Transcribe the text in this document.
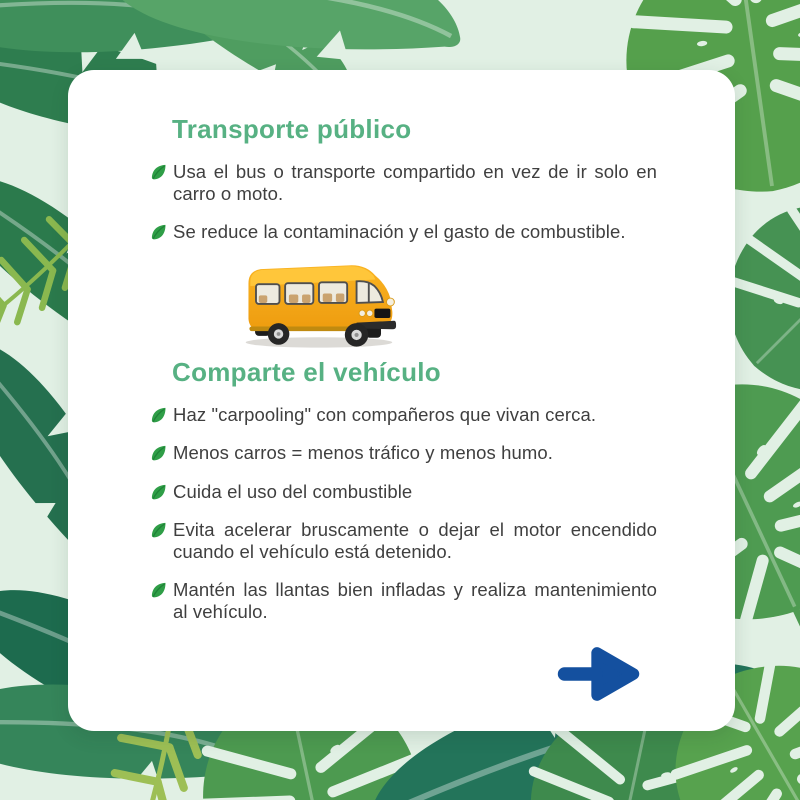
Transporte público

Usa el bus o transporte compartido en vez de ir solo en carro o moto.

Se reduce la contaminación y el gasto de combustible.

Comparte el vehículo

Haz "carpooling" con compañeros que vivan cerca.

Menos carros = menos tráfico y menos humo.

Cuida el uso del combustible

Evita acelerar bruscamente o dejar el motor encendido cuando el vehículo está detenido.

Mantén las llantas bien infladas y realiza mantenimiento al vehículo.
